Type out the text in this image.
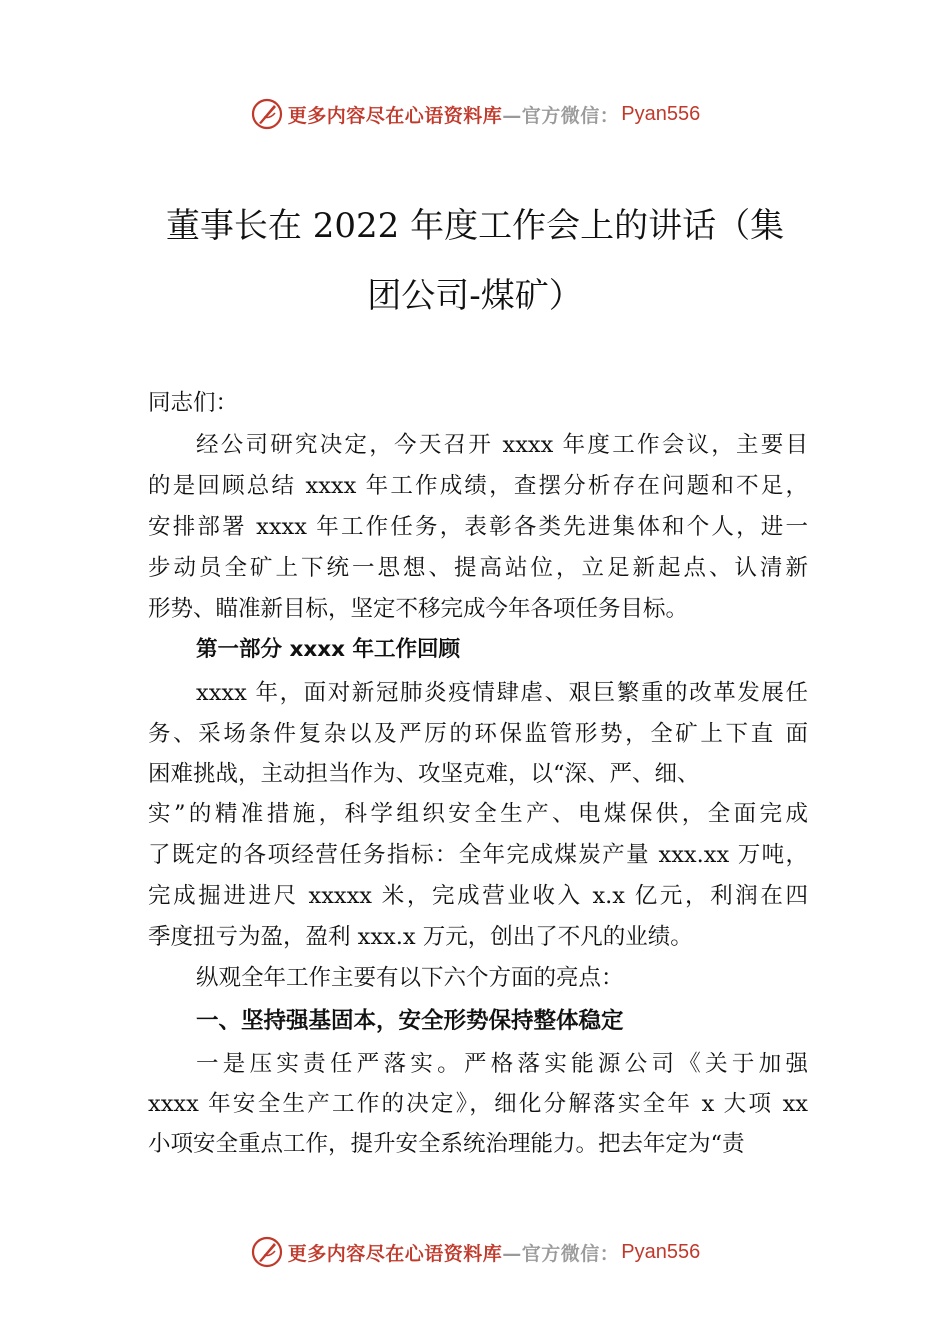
更多内容尽在心语资料库 —官方微信： Pyan556
董事长在 2022 年度工作会上的讲话（集
团公司-煤矿）
同志们：
经公司研究决定，今天召开 xxxx 年度工作会议，主要目
的是回顾总结 xxxx 年工作成绩，查摆分析存在问题和不足，
安排部署 xxxx 年工作任务，表彰各类先进集体和个人，进一
步动员全矿上下统一思想、提高站位，立足新起点、认清新
形势、瞄准新目标，坚定不移完成今年各项任务目标。
第一部分 xxxx 年工作回顾
xxxx 年，面对新冠肺炎疫情肆虐、艰巨繁重的改革发展任
务、采场条件复杂以及严厉的环保监管形势，全矿上下直 面
困难挑战，主动担当作为、攻坚克难，以“深、严、细、
实”的精准措施，科学组织安全生产、电煤保供，全面完成
了既定的各项经营任务指标：全年完成煤炭产量 xxx.xx 万吨，
完成掘进进尺 xxxxx 米，完成营业收入 x.x 亿元，利润在四
季度扭亏为盈，盈利 xxx.x 万元，创出了不凡的业绩。
纵观全年工作主要有以下六个方面的亮点：
一、坚持强基固本，安全形势保持整体稳定
一是压实责任严落实。严格落实能源公司《关于加强
xxxx 年安全生产工作的决定》，细化分解落实全年 x 大项 xx
小项安全重点工作，提升安全系统治理能力。把去年定为“责
更多内容尽在心语资料库 —官方微信： Pyan556
